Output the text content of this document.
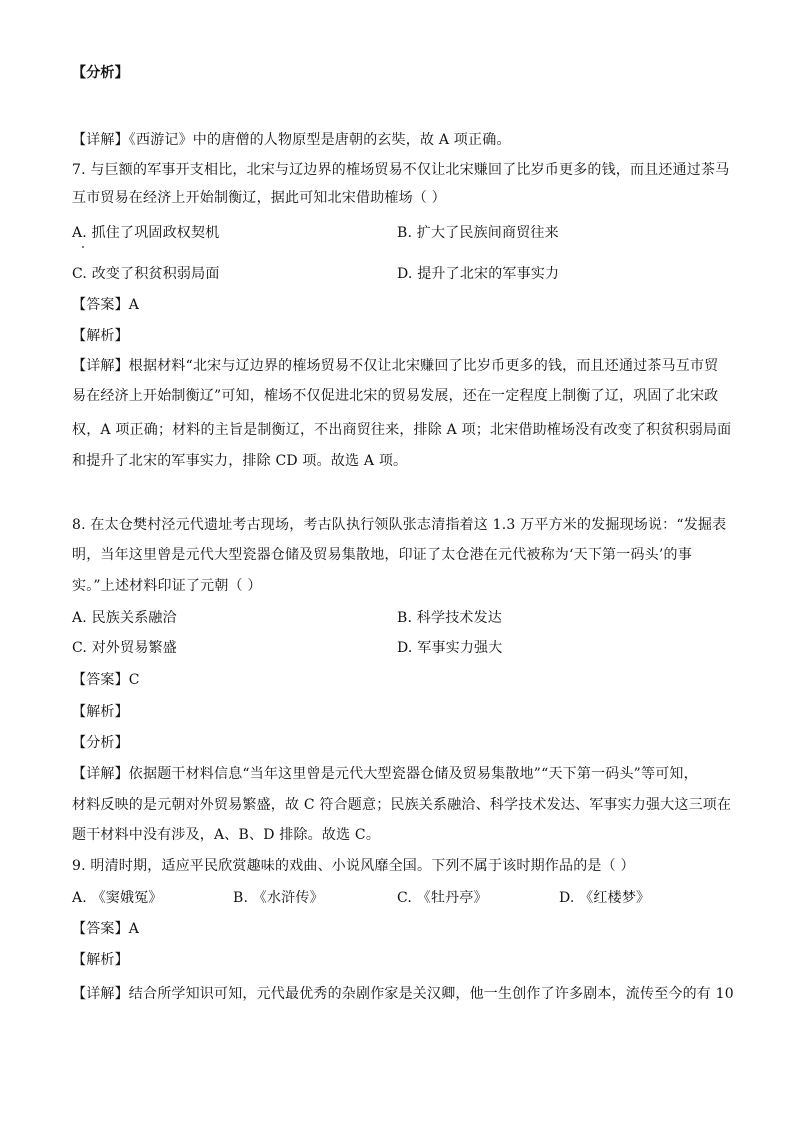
【分析】
【详解】《西游记》中的唐僧的人物原型是唐朝的玄奘，故 A 项正确。
7. 与巨额的军事开支相比，北宋与辽边界的榷场贸易不仅让北宋赚回了比岁币更多的钱，而且还通过茶马
互市贸易在经济上开始制衡辽，据此可知北宋借助榷场（ ）
A. 抓住了巩固政权契机	B. 扩大了民族间商贸往来
C. 改变了积贫积弱局面	D. 提升了北宋的军事实力
【答案】A
【解析】
【详解】根据材料“北宋与辽边界的榷场贸易不仅让北宋赚回了比岁币更多的钱，而且还通过茶马互市贸
易在经济上开始制衡辽”可知，榷场不仅促进北宋的贸易发展，还在一定程度上制衡了辽，巩固了北宋政
权，A 项正确；材料的主旨是制衡辽，不出商贸往来，排除 A 项；北宋借助榷场没有改变了积贫积弱局面
和提升了北宋的军事实力，排除 CD 项。故选 A 项。
8. 在太仓樊村泾元代遗址考古现场，考古队执行领队张志清指着这 1.3 万平方米的发掘现场说：“发掘表
明，当年这里曾是元代大型瓷器仓储及贸易集散地，印证了太仓港在元代被称为‘天下第一码头’的事
实。”上述材料印证了元朝（ ）
A. 民族关系融洽	B. 科学技术发达
C. 对外贸易繁盛	D. 军事实力强大
【答案】C
【解析】
【分析】
【详解】依据题干材料信息“当年这里曾是元代大型瓷器仓储及贸易集散地”“天下第一码头”等可知，
材料反映的是元朝对外贸易繁盛，故 C 符合题意；民族关系融洽、科学技术发达、军事实力强大这三项在
题干材料中没有涉及，A、B、D 排除。故选 C。
9. 明清时期，适应平民欣赏趣味的戏曲、小说风靡全国。下列不属于该时期作品的是（ ）
A. 《窦娥冤》	B. 《水浒传》	C. 《牡丹亭》	D. 《红楼梦》
【答案】A
【解析】
【详解】结合所学知识可知，元代最优秀的杂剧作家是关汉卿，他一生创作了许多剧本，流传至今的有 10
